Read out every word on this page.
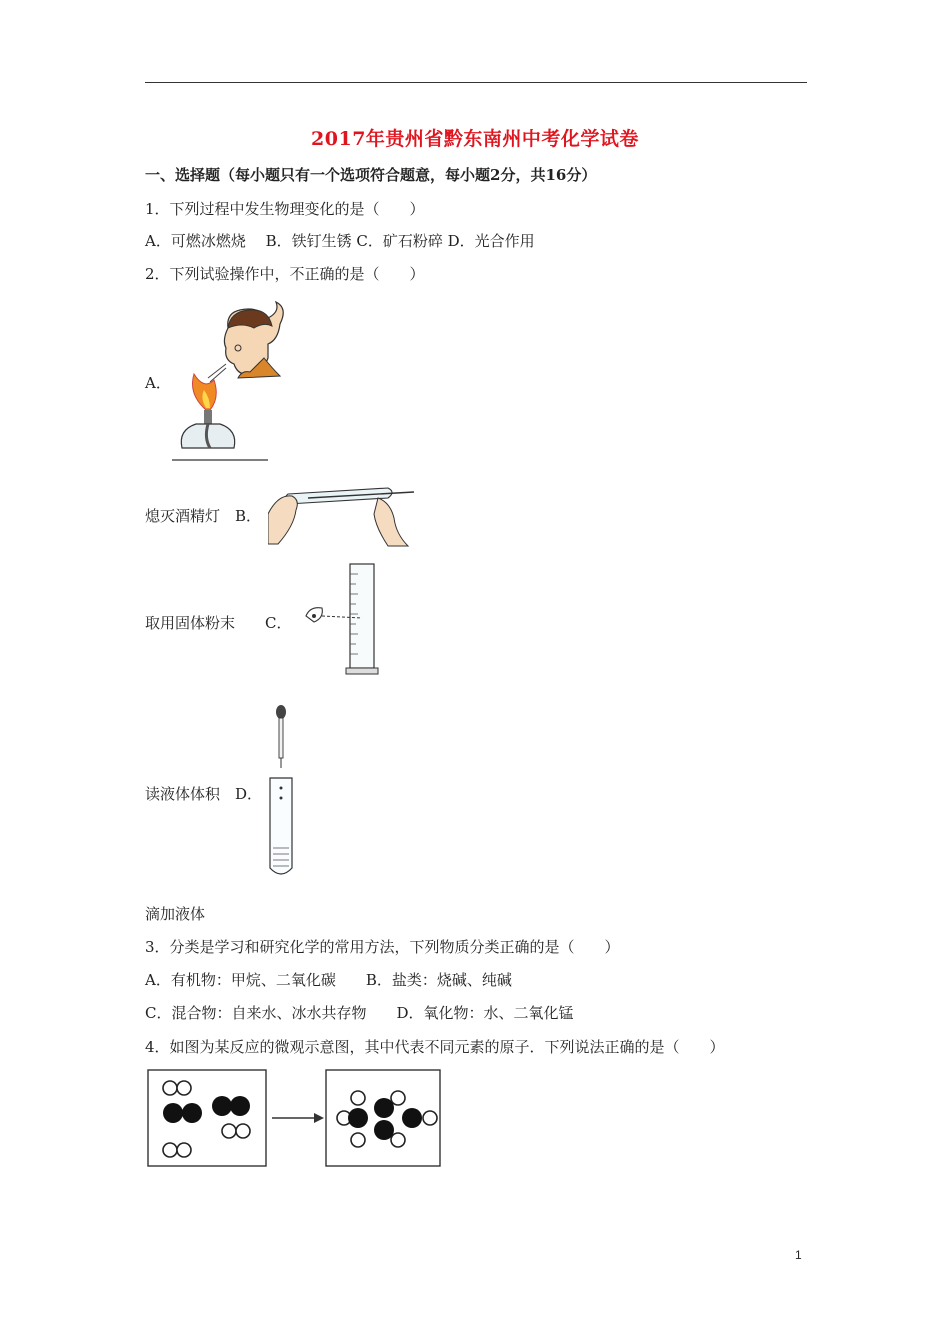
2017年贵州省黔东南州中考化学试卷
一、选择题（每小题只有一个选项符合题意，每小题2分，共16分）
1．下列过程中发生物理变化的是（　　）
A．可燃冰燃烧　 B．铁钉生锈 C．矿石粉碎 D．光合作用
2．下列试验操作中，不正确的是（　　）
A．
熄灭酒精灯　B．
取用固体粉末　　C．
读液体体积　D．
滴加液体
3．分类是学习和研究化学的常用方法，下列物质分类正确的是（　　）
A．有机物：甲烷、二氧化碳　　B．盐类：烧碱、纯碱
C．混合物：自来水、冰水共存物　　D．氧化物：水、二氧化锰
4．如图为某反应的微观示意图，其中代表不同元素的原子．下列说法正确的是（　　）
1
